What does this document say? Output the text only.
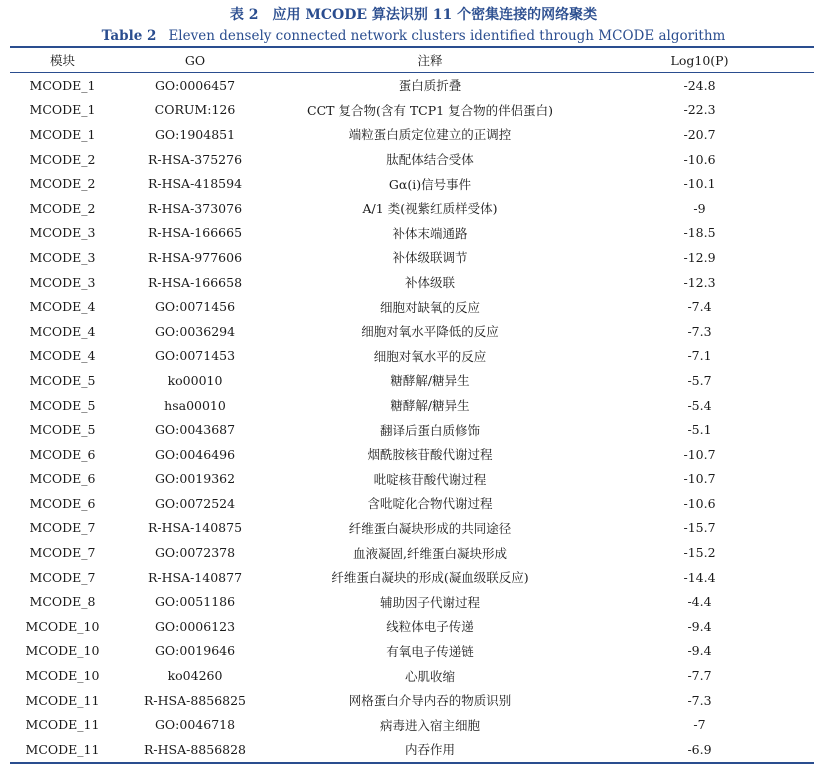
表 2　应用 MCODE 算法识别 11 个密集连接的网络聚类
Table 2 Eleven densely connected network clusters identified through MCODE algorithm
模块	GO	注释	Log10(P)
MCODE_1	GO:0006457	蛋白质折叠	-24.8
MCODE_1	CORUM:126	CCT 复合物(含有 TCP1 复合物的伴侣蛋白)	-22.3
MCODE_1	GO:1904851	端粒蛋白质定位建立的正调控	-20.7
MCODE_2	R-HSA-375276	肽配体结合受体	-10.6
MCODE_2	R-HSA-418594	Gα(i)信号事件	-10.1
MCODE_2	R-HSA-373076	A/1 类(视紫红质样受体)	-9
MCODE_3	R-HSA-166665	补体末端通路	-18.5
MCODE_3	R-HSA-977606	补体级联调节	-12.9
MCODE_3	R-HSA-166658	补体级联	-12.3
MCODE_4	GO:0071456	细胞对缺氧的反应	-7.4
MCODE_4	GO:0036294	细胞对氧水平降低的反应	-7.3
MCODE_4	GO:0071453	细胞对氧水平的反应	-7.1
MCODE_5	ko00010	糖酵解/糖异生	-5.7
MCODE_5	hsa00010	糖酵解/糖异生	-5.4
MCODE_5	GO:0043687	翻译后蛋白质修饰	-5.1
MCODE_6	GO:0046496	烟酰胺核苷酸代谢过程	-10.7
MCODE_6	GO:0019362	吡啶核苷酸代谢过程	-10.7
MCODE_6	GO:0072524	含吡啶化合物代谢过程	-10.6
MCODE_7	R-HSA-140875	纤维蛋白凝块形成的共同途径	-15.7
MCODE_7	GO:0072378	血液凝固,纤维蛋白凝块形成	-15.2
MCODE_7	R-HSA-140877	纤维蛋白凝块的形成(凝血级联反应)	-14.4
MCODE_8	GO:0051186	辅助因子代谢过程	-4.4
MCODE_10	GO:0006123	线粒体电子传递	-9.4
MCODE_10	GO:0019646	有氧电子传递链	-9.4
MCODE_10	ko04260	心肌收缩	-7.7
MCODE_11	R-HSA-8856825	网格蛋白介导内吞的物质识别	-7.3
MCODE_11	GO:0046718	病毒进入宿主细胞	-7
MCODE_11	R-HSA-8856828	内吞作用	-6.9
